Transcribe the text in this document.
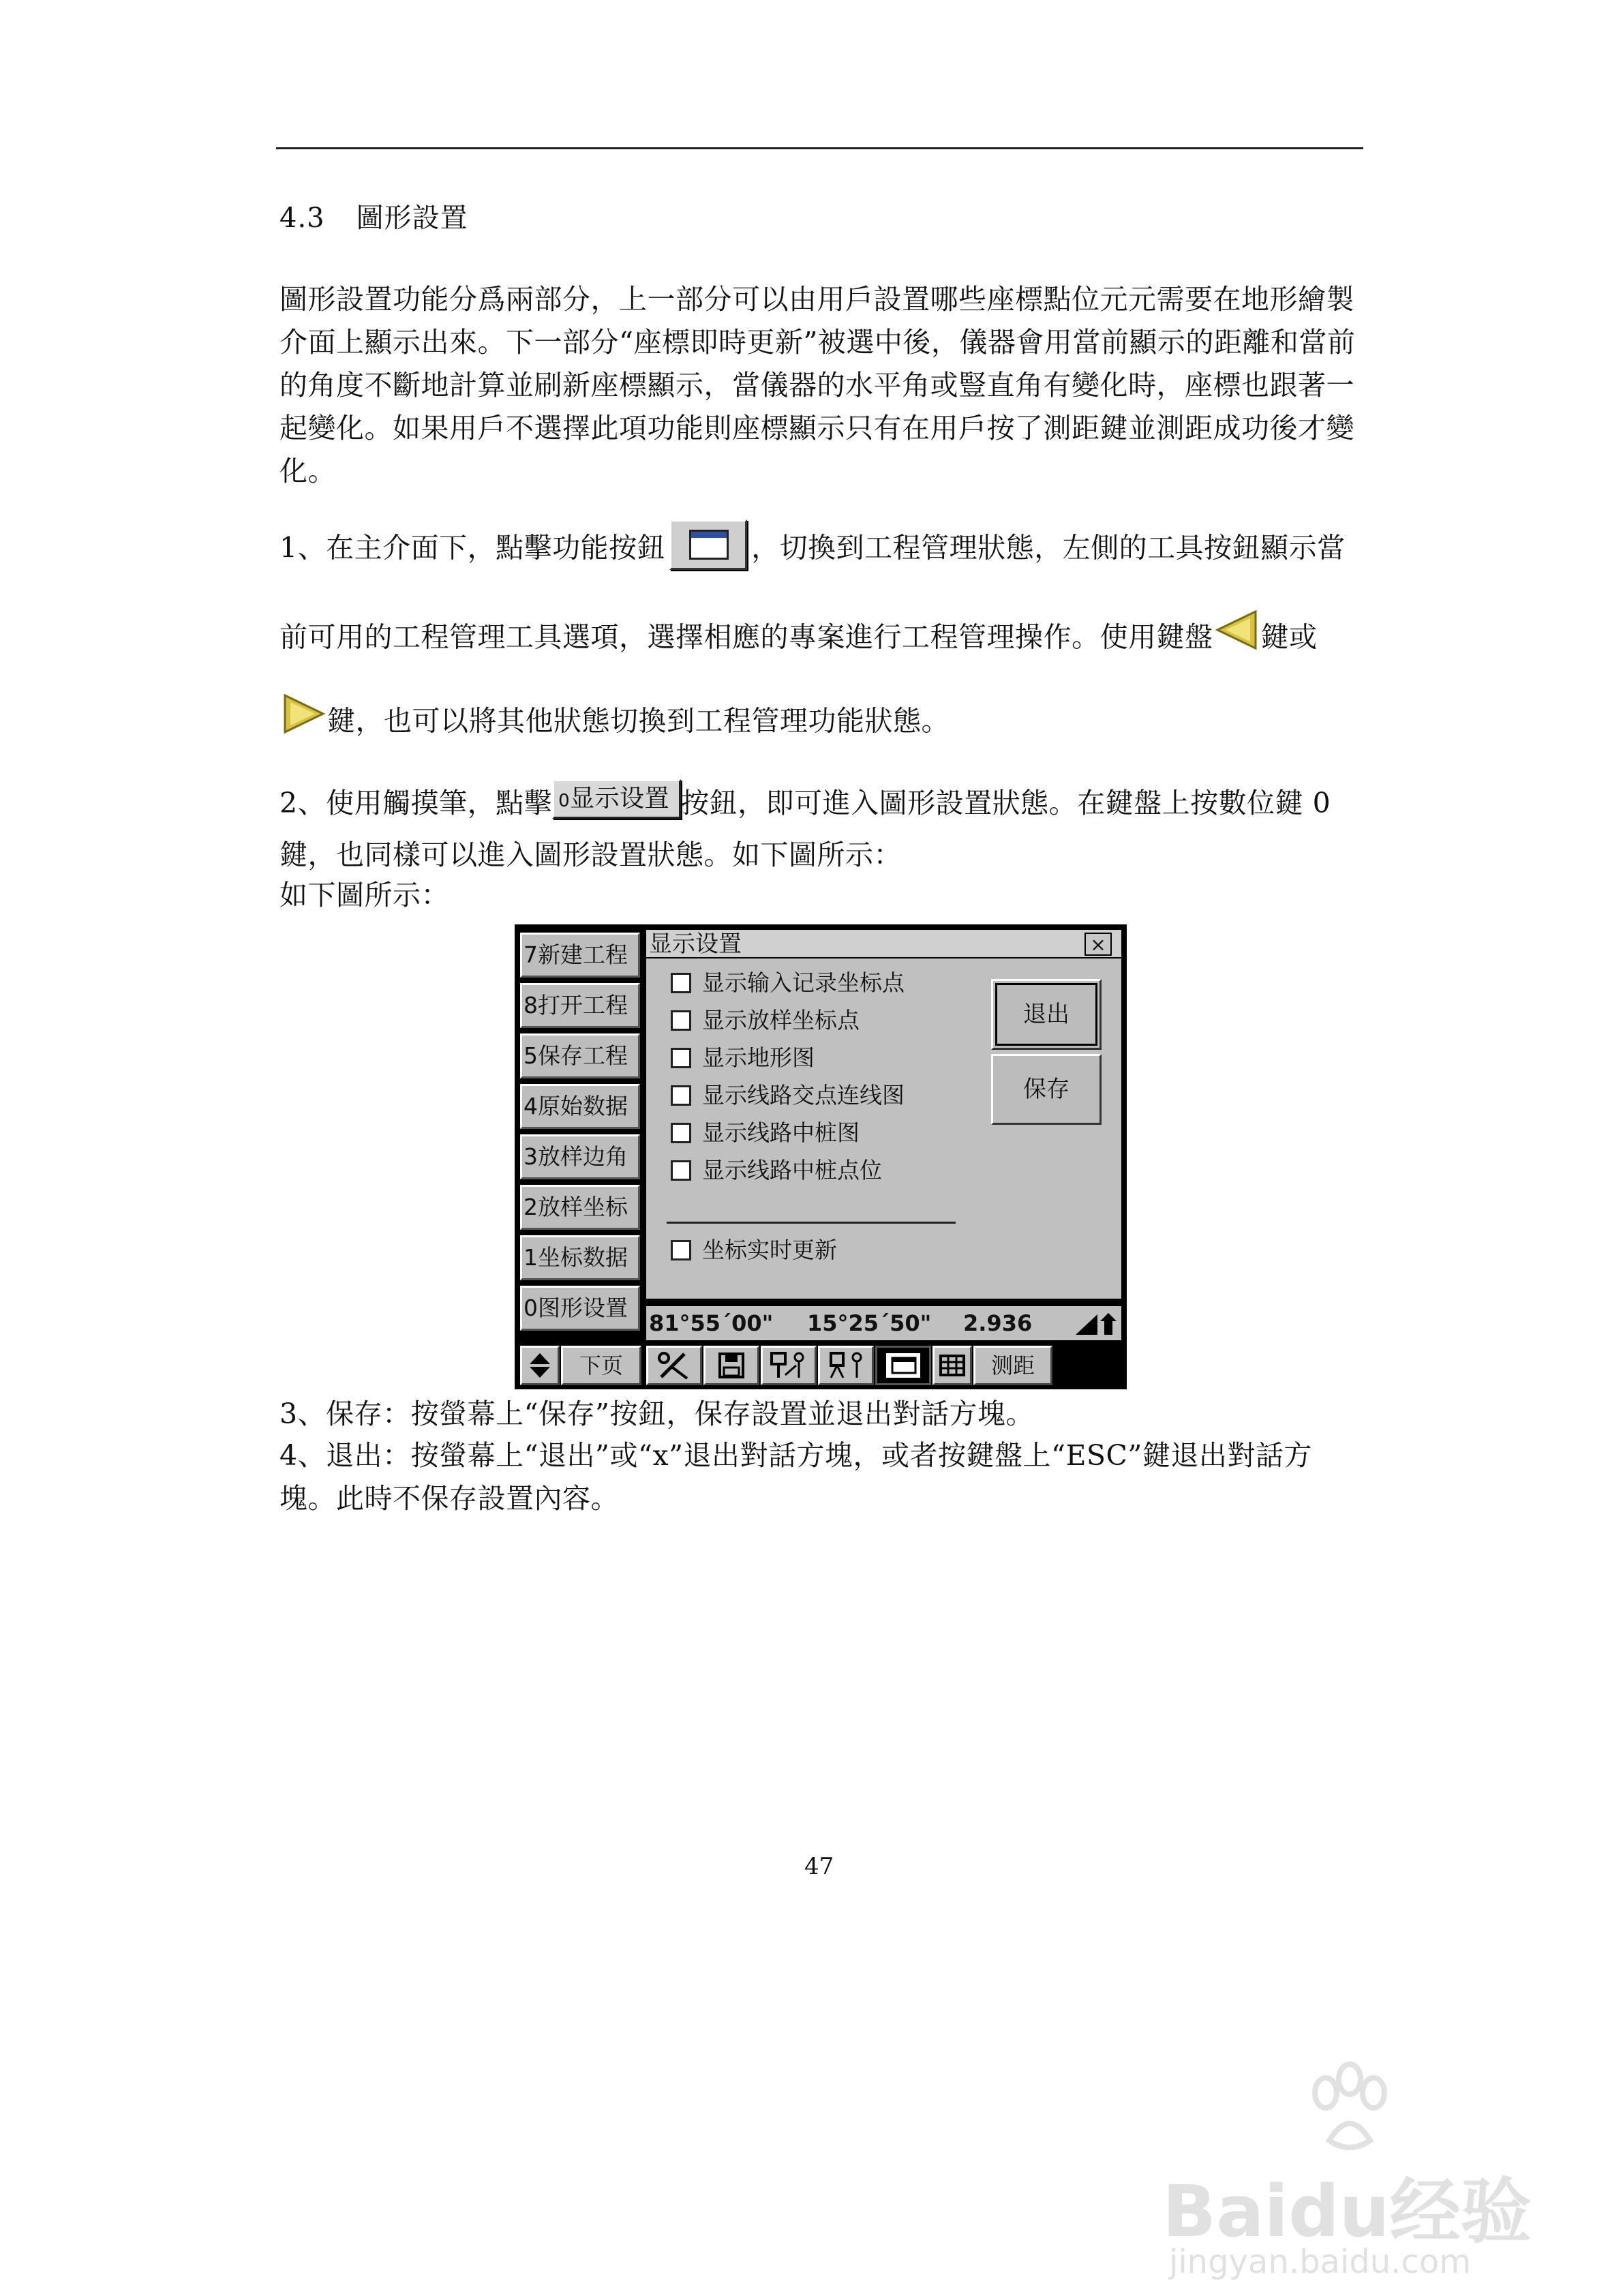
4.3 圖形設置
圖形設置功能分爲兩部分，上一部分可以由用戶設置哪些座標點位元元需要在地形繪製介面上顯示出來。下一部分“座標即時更新”被選中後，儀器會用當前顯示的距離和當前的角度不斷地計算並刷新座標顯示，當儀器的水平角或豎直角有變化時，座標也跟著一起變化。如果用戶不選擇此項功能則座標顯示只有在用戶按了測距鍵並測距成功後才變化。
1、在主介面下，點擊功能按鈕	，切換到工程管理狀態，左側的工具按鈕顯示當
前可用的工程管理工具選項，選擇相應的專案進行工程管理操作。使用鍵盤 鍵或
鍵，也可以將其他狀態切換到工程管理功能狀態。
2、使用觸摸筆，點擊 0显示设置 按鈕，即可進入圖形設置狀態。在鍵盤上按數位鍵 0
鍵，也同樣可以進入圖形設置狀態。如下圖所示：
如下圖所示：
7新建工程
8打开工程
5保存工程
4原始数据
3放样边角
2放样坐标
1坐标数据
0图形设置
显示设置	×
显示输入记录坐标点
显示放样坐标点
显示地形图
显示线路交点连线图
显示线路中桩图
显示线路中桩点位
坐标实时更新
退出
保存
81°55´00" 15°25´50" 2.936
下页	测距
3、保存：按螢幕上“保存”按鈕，保存設置並退出對話方塊。
4、退出：按螢幕上“退出”或“x”退出對話方塊，或者按鍵盤上“ESC”鍵退出對話方塊。此時不保存設置內容。
47
Baidu经验
jingyan.baidu.com
